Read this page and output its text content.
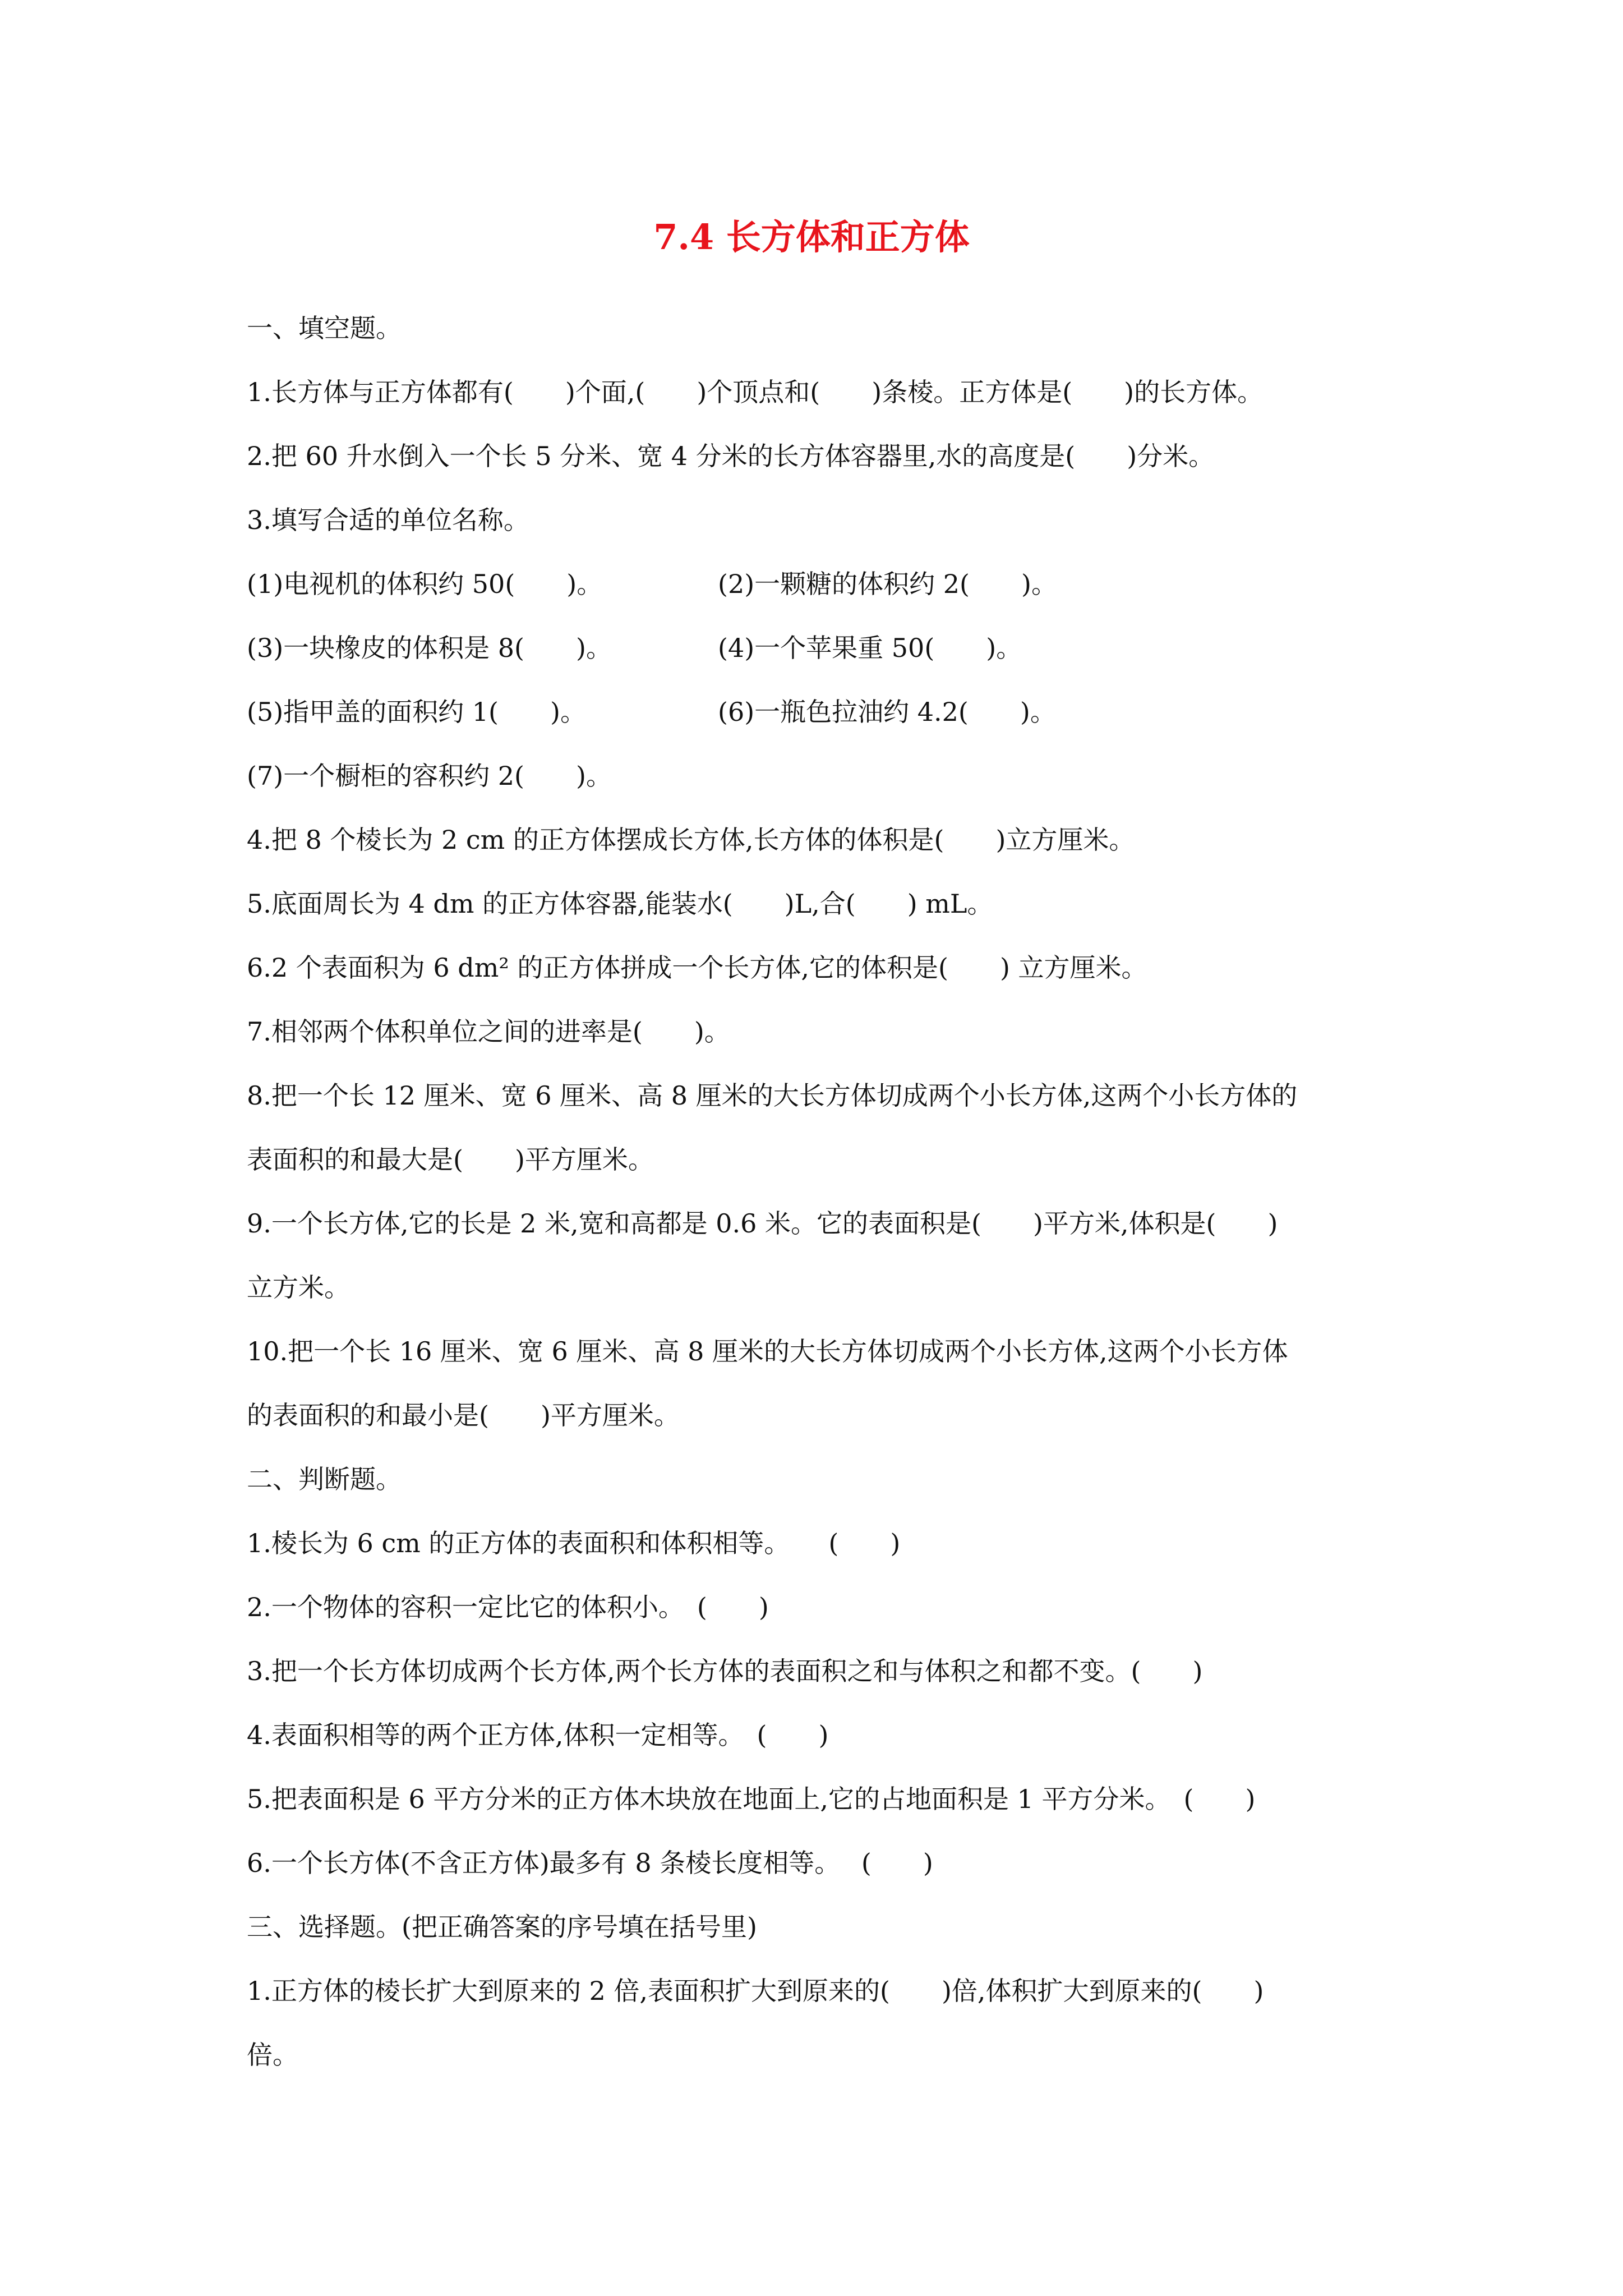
7.4 长方体和正方体
一、填空题。
1.长方体与正方体都有(　　)个面,(　　)个顶点和(　　)条棱。正方体是(　　)的长方体。
2.把 60 升水倒入一个长 5 分米、宽 4 分米的长方体容器里,水的高度是(　　)分米。
3.填写合适的单位名称。
(1)电视机的体积约 50(　　)。	(2)一颗糖的体积约 2(　　)。
(3)一块橡皮的体积是 8(　　)。	(4)一个苹果重 50(　　)。
(5)指甲盖的面积约 1(　　)。	(6)一瓶色拉油约 4.2(　　)。
(7)一个橱柜的容积约 2(　　)。
4.把 8 个棱长为 2 cm 的正方体摆成长方体,长方体的体积是(　　)立方厘米。
5.底面周长为 4 dm 的正方体容器,能装水(　　)L,合(　　) mL。
6.2 个表面积为 6 dm² 的正方体拼成一个长方体,它的体积是(　　) 立方厘米。
7.相邻两个体积单位之间的进率是(　　)。
8.把一个长 12 厘米、宽 6 厘米、高 8 厘米的大长方体切成两个小长方体,这两个小长方体的
表面积的和最大是(　　)平方厘米。
9.一个长方体,它的长是 2 米,宽和高都是 0.6 米。它的表面积是(　　)平方米,体积是(　　)
立方米。
10.把一个长 16 厘米、宽 6 厘米、高 8 厘米的大长方体切成两个小长方体,这两个小长方体
的表面积的和最小是(　　)平方厘米。
二、判断题。
1.棱长为 6 cm 的正方体的表面积和体积相等。　　(　　)
2.一个物体的容积一定比它的体积小。　(　　)
3.把一个长方体切成两个长方体,两个长方体的表面积之和与体积之和都不变。(　　)
4.表面积相等的两个正方体,体积一定相等。　(　　)
5.把表面积是 6 平方分米的正方体木块放在地面上,它的占地面积是 1 平方分米。　(　　)
6.一个长方体(不含正方体)最多有 8 条棱长度相等。　 (　　)
三、选择题。(把正确答案的序号填在括号里)
1.正方体的棱长扩大到原来的 2 倍,表面积扩大到原来的(　　)倍,体积扩大到原来的(　　)
倍。
